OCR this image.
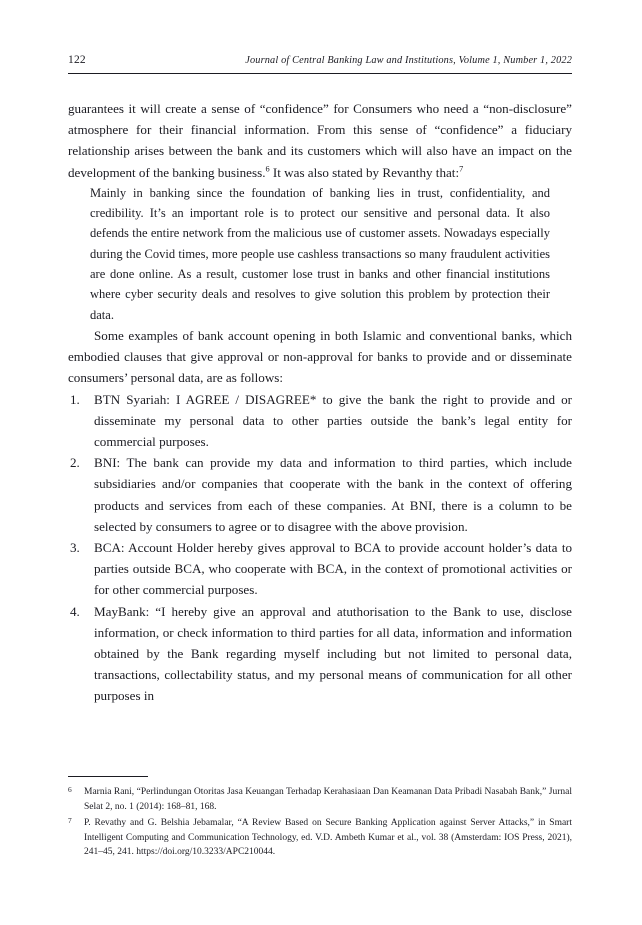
122	Journal of Central Banking Law and Institutions, Volume 1, Number 1, 2022

guarantees it will create a sense of “confidence” for Consumers who need a “non-disclosure” atmosphere for their financial information. From this sense of “confidence” a fiduciary relationship arises between the bank and its customers which will also have an impact on the development of the banking business.$^6$ It was also stated by Revanthy that:$^7$

Mainly in banking since the foundation of banking lies in trust, confidentiality, and credibility. It’s an important role is to protect our sensitive and personal data. It also defends the entire network from the malicious use of customer assets. Nowadays especially during the Covid times, more people use cashless transactions so many fraudulent activities are done online. As a result, customer lose trust in banks and other financial institutions where cyber security deals and resolves to give solution this problem by protection their data.

Some examples of bank account opening in both Islamic and conventional banks, which embodied clauses that give approval or non-approval for banks to provide and or disseminate consumers’ personal data, are as follows:

1.	BTN Syariah: I AGREE / DISAGREE* to give the bank the right to provide and or disseminate my personal data to other parties outside the bank’s legal entity for commercial purposes.
2.	BNI: The bank can provide my data and information to third parties, which include subsidiaries and/or companies that cooperate with the bank in the context of offering products and services from each of these companies. At BNI, there is a column to be selected by consumers to agree or to disagree with the above provision.
3.	BCA: Account Holder hereby gives approval to BCA to provide account holder’s data to parties outside BCA, who cooperate with BCA, in the context of promotional activities or for other commercial purposes.
4.	MayBank: “I hereby give an approval and atuthorisation to the Bank to use, disclose information, or check information to third parties for all data, information and information obtained by the Bank regarding myself including but not limited to personal data, transactions, collectability status, and my personal means of communication for all other purposes in
6 Marnia Rani, “Perlindungan Otoritas Jasa Keuangan Terhadap Kerahasiaan Dan Keamanan Data Pribadi Nasabah Bank,” Jurnal Selat 2, no. 1 (2014): 168–81, 168.
7 P. Revathy and G. Belshia Jebamalar, “A Review Based on Secure Banking Application against Server Attacks,” in Smart Intelligent Computing and Communication Technology, ed. V.D. Ambeth Kumar et al., vol. 38 (Amsterdam: IOS Press, 2021), 241–45, 241. https://doi.org/10.3233/APC210044.
